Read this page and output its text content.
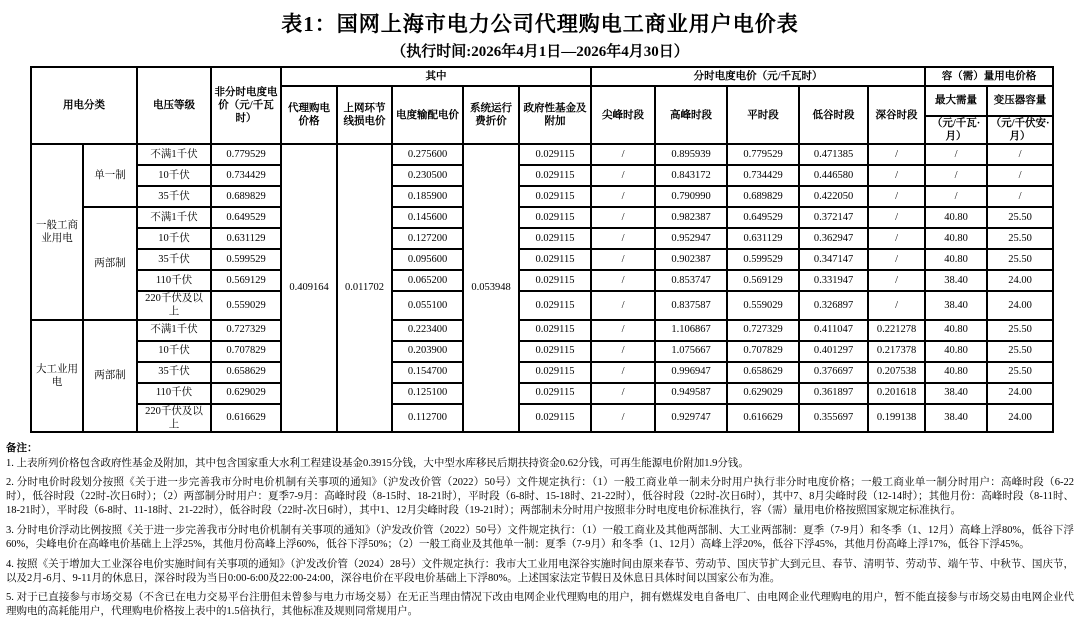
表1：国网上海市电力公司代理购电工商业用户电价表
（执行时间:2026年4月1日—2026年4月30日）
用电分类		电压等级	非分时电度电价（元/千瓦时）	其中					分时电度电价（元/千瓦时）					容（需）量用电价格	
				代理购电价格	上网环节线损电价	电度输配电价	系统运行费折价	政府性基金及附加	尖峰时段	高峰时段	平时段	低谷时段	深谷时段	最大需量	变压器容量
														（元/千瓦·月）	（元/千伏安·月）
一般工商业用电	单一制	不满1千伏	0.779529	0.409164	0.011702	0.275600	0.053948	0.029115	/	0.895939	0.779529	0.471385	/	/	/
		10千伏	0.734429			0.230500		0.029115	/	0.843172	0.734429	0.446580	/	/	/
		35千伏	0.689829			0.185900		0.029115	/	0.790990	0.689829	0.422050	/	/	/
	两部制	不满1千伏	0.649529			0.145600		0.029115	/	0.982387	0.649529	0.372147	/	40.80	25.50
		10千伏	0.631129			0.127200		0.029115	/	0.952947	0.631129	0.362947	/	40.80	25.50
		35千伏	0.599529			0.095600		0.029115	/	0.902387	0.599529	0.347147	/	40.80	25.50
		110千伏	0.569129			0.065200		0.029115	/	0.853747	0.569129	0.331947	/	38.40	24.00
		220千伏及以上	0.559029			0.055100		0.029115	/	0.837587	0.559029	0.326897	/	38.40	24.00
大工业用电	两部制	不满1千伏	0.727329			0.223400		0.029115	/	1.106867	0.727329	0.411047	0.221278	40.80	25.50
		10千伏	0.707829			0.203900		0.029115	/	1.075667	0.707829	0.401297	0.217378	40.80	25.50
		35千伏	0.658629			0.154700		0.029115	/	0.996947	0.658629	0.376697	0.207538	40.80	25.50
		110千伏	0.629029			0.125100		0.029115	/	0.949587	0.629029	0.361897	0.201618	38.40	24.00
		220千伏及以上	0.616629			0.112700		0.029115	/	0.929747	0.616629	0.355697	0.199138	38.40	24.00

备注：

1. 上表所列价格包含政府性基金及附加，其中包含国家重大水利工程建设基金0.3915分钱，大中型水库移民后期扶持资金0.62分钱，可再生能源电价附加1.9分钱。

2. 分时电价时段划分按照《关于进一步完善我市分时电价机制有关事项的通知》（沪发改价管（2022）50号）文件规定执行：（1）一般工商业单一制未分时用户执行非分时电度价格；一般工商业单一制分时用户：高峰时段（6-22时），低谷时段（22时-次日6时）；（2）两部制分时用户：夏季7-9月：高峰时段（8-15时、18-21时），平时段（6-8时、15-18时、21-22时），低谷时段（22时-次日6时），其中7、8月尖峰时段（12-14时）；其他月份：高峰时段（8-11时、18-21时），平时段（6-8时、11-18时、21-22时），低谷时段（22时-次日6时），其中1、12月尖峰时段（19-21时）；两部制未分时用户按照非分时电度电价标准执行，容（需）量用电价格按照国家规定标准执行。

3. 分时电价浮动比例按照《关于进一步完善我市分时电价机制有关事项的通知》（沪发改价管（2022）50号）文件规定执行：（1）一般工商业及其他两部制、大工业两部制：夏季（7-9月）和冬季（1、12月）高峰上浮80%，低谷下浮60%，尖峰电价在高峰电价基础上上浮25%，其他月份高峰上浮60%，低谷下浮50%；（2）一般工商业及其他单一制：夏季（7-9月）和冬季（1、12月）高峰上浮20%，低谷下浮45%，其他月份高峰上浮17%，低谷下浮45%。

4. 按照《关于增加大工业深谷电价实施时间有关事项的通知》（沪发改价管（2024）28号）文件规定执行：我市大工业用电深谷实施时间由原来春节、劳动节、国庆节扩大到元旦、春节、清明节、劳动节、端午节、中秋节、国庆节，以及2月-6月、9-11月的休息日，深谷时段为当日0:00-6:00及22:00-24:00，深谷电价在平段电价基础上下浮80%。上述国家法定节假日及休息日具体时间以国家公布为准。

5. 对于已直接参与市场交易（不含已在电力交易平台注册但未曾参与电力市场交易）在无正当理由情况下改由电网企业代理购电的用户，拥有燃煤发电自备电厂、由电网企业代理购电的用户，暂不能直接参与市场交易由电网企业代理购电的高耗能用户，代理购电价格按上表中的1.5倍执行，其他标准及规则同常规用户。
